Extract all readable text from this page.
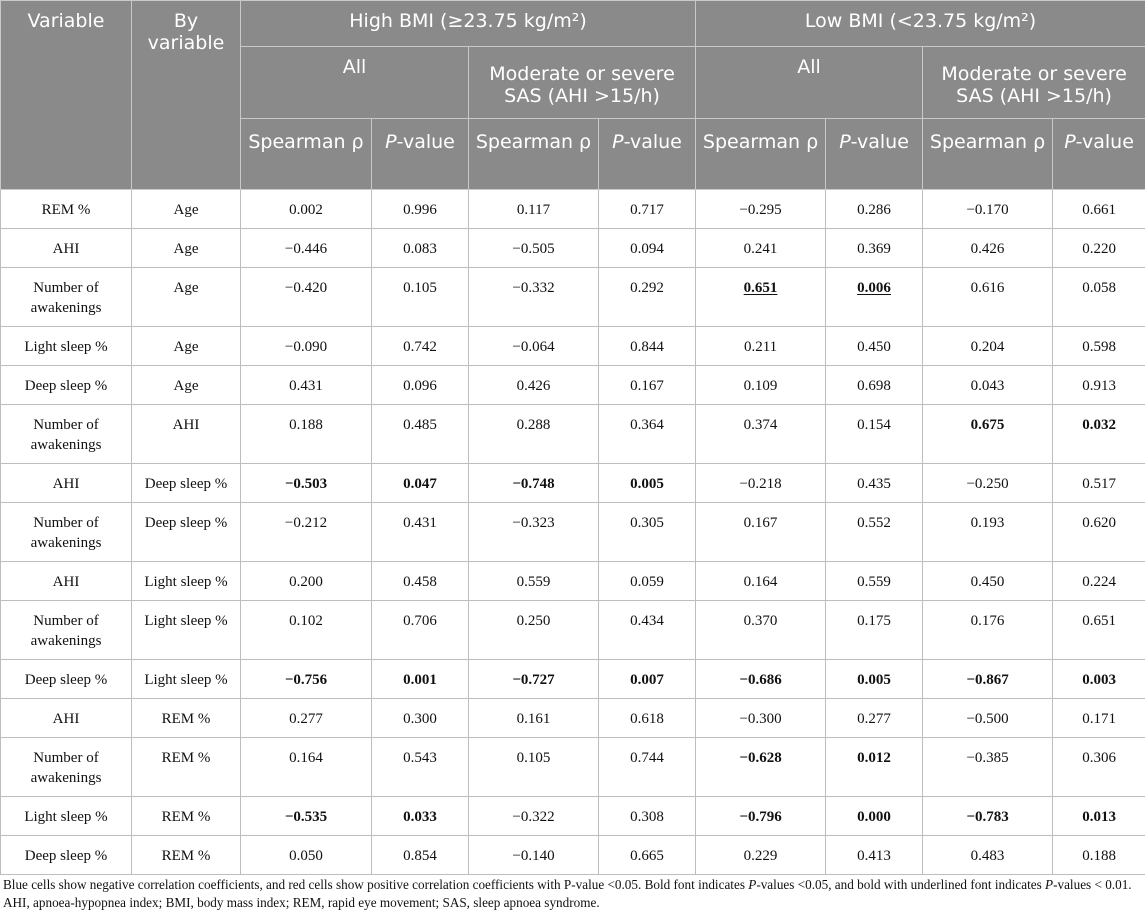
Variable	By variable	High BMI (≥23.75 kg/m²)				Low BMI (<23.75 kg/m²)			

		All		Moderate or severe SAS (AHI >15/h)		All		Moderate or severe SAS (AHI >15/h)	

		Spearman ρ	P-value	Spearman ρ	P-value	Spearman ρ	P-value	Spearman ρ	P-value

REM %	Age	0.002	0.996	0.117	0.717	−0.295	0.286	−0.170	0.661
AHI	Age	−0.446	0.083	−0.505	0.094	0.241	0.369	0.426	0.220
Number of awakenings	Age	−0.420	0.105	−0.332	0.292	0.651	0.006	0.616	0.058
Light sleep %	Age	−0.090	0.742	−0.064	0.844	0.211	0.450	0.204	0.598
Deep sleep %	Age	0.431	0.096	0.426	0.167	0.109	0.698	0.043	0.913
Number of awakenings	AHI	0.188	0.485	0.288	0.364	0.374	0.154	0.675	0.032
AHI	Deep sleep %	−0.503	0.047	−0.748	0.005	−0.218	0.435	−0.250	0.517
Number of awakenings	Deep sleep %	−0.212	0.431	−0.323	0.305	0.167	0.552	0.193	0.620
AHI	Light sleep %	0.200	0.458	0.559	0.059	0.164	0.559	0.450	0.224
Number of awakenings	Light sleep %	0.102	0.706	0.250	0.434	0.370	0.175	0.176	0.651
Deep sleep %	Light sleep %	−0.756	0.001	−0.727	0.007	−0.686	0.005	−0.867	0.003
AHI	REM %	0.277	0.300	0.161	0.618	−0.300	0.277	−0.500	0.171
Number of awakenings	REM %	0.164	0.543	0.105	0.744	−0.628	0.012	−0.385	0.306
Light sleep %	REM %	−0.535	0.033	−0.322	0.308	−0.796	0.000	−0.783	0.013
Deep sleep %	REM %	0.050	0.854	−0.140	0.665	0.229	0.413	0.483	0.188
Blue cells show negative correlation coefficients, and red cells show positive correlation coefficients with P-value <0.05. Bold font indicates P-values <0.05, and bold with underlined font indicates P-values < 0.01. AHI, apnoea-hypopnea index; BMI, body mass index; REM, rapid eye movement; SAS, sleep apnoea syndrome.
